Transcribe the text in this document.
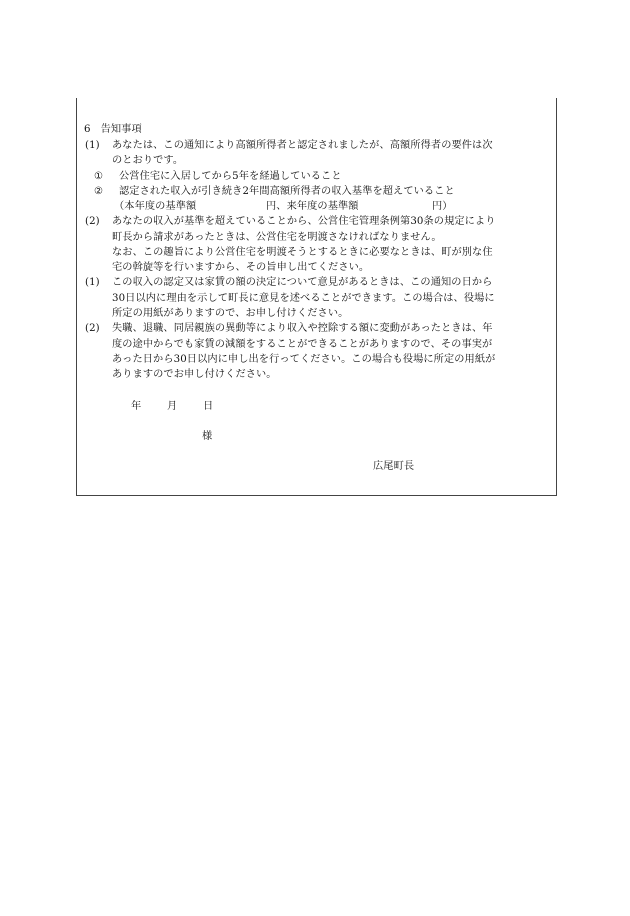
6 告知事項
(1) あなたは、この通知により高額所得者と認定されましたが、高額所得者の要件は次
のとおりです。
① 公営住宅に入居してから5年を経過していること
② 認定された収入が引き続き2年間高額所得者の収入基準を超えていること
（本年度の基準額	円、来年度の基準額	円）
(2) あなたの収入が基準を超えていることから、公営住宅管理条例第30条の規定により
町長から請求があったときは、公営住宅を明渡さなければなりません。
なお、この趣旨により公営住宅を明渡そうとするときに必要なときは、町が別な住
宅の斡旋等を行いますから、その旨申し出てください。
(1) この収入の認定又は家賃の額の決定について意見があるときは、この通知の日から
30日以内に理由を示して町長に意見を述べることができます。この場合は、役場に
所定の用紙がありますので、お申し付けください。
(2) 失職、退職、同居親族の異動等により収入や控除する額に変動があったときは、年
度の途中からでも家賃の減額をすることができることがありますので、その事実が
あった日から30日以内に申し出を行ってください。この場合も役場に所定の用紙が
ありますのでお申し付けください。
年	月	日
様
広尾町長
